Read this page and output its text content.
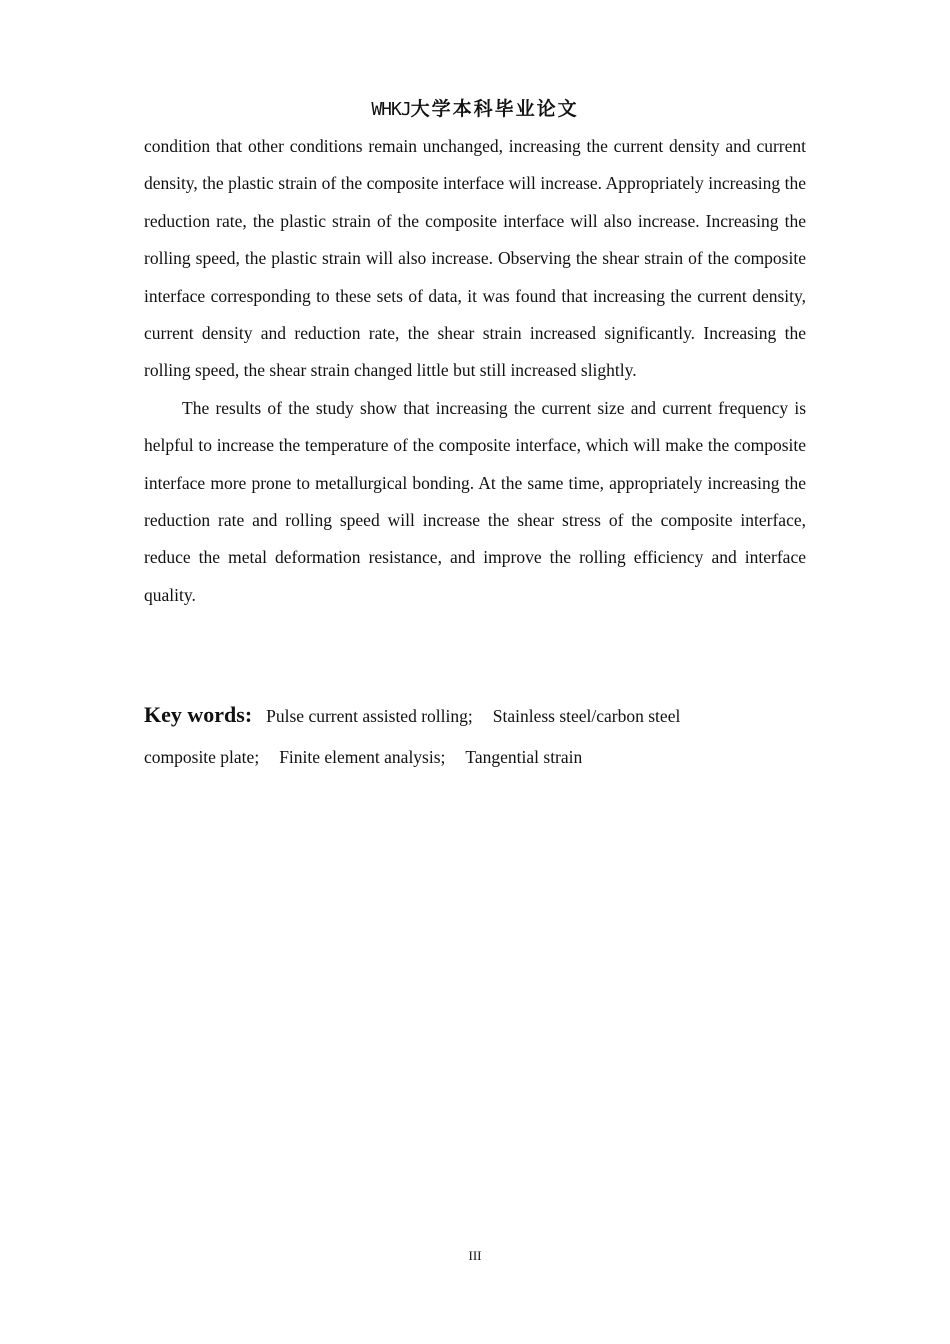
WHKJ大学本科毕业论文

condition that other conditions remain unchanged, increasing the current density and current density, the plastic strain of the composite interface will increase. Appropriately increasing the reduction rate, the plastic strain of the composite interface will also increase. Increasing the rolling speed, the plastic strain will also increase. Observing the shear strain of the composite interface corresponding to these sets of data, it was found that increasing the current density, current density and reduction rate, the shear strain increased significantly. Increasing the rolling speed, the shear strain changed little but still increased slightly.

The results of the study show that increasing the current size and current frequency is helpful to increase the temperature of the composite interface, which will make the composite interface more prone to metallurgical bonding. At the same time, appropriately increasing the reduction rate and rolling speed will increase the shear stress of the composite interface, reduce the metal deformation resistance, and improve the rolling efficiency and interface quality.

Key words: Pulse current assisted rolling; Stainless steel/carbon steel
composite plate; Finite element analysis; Tangential strain
III
